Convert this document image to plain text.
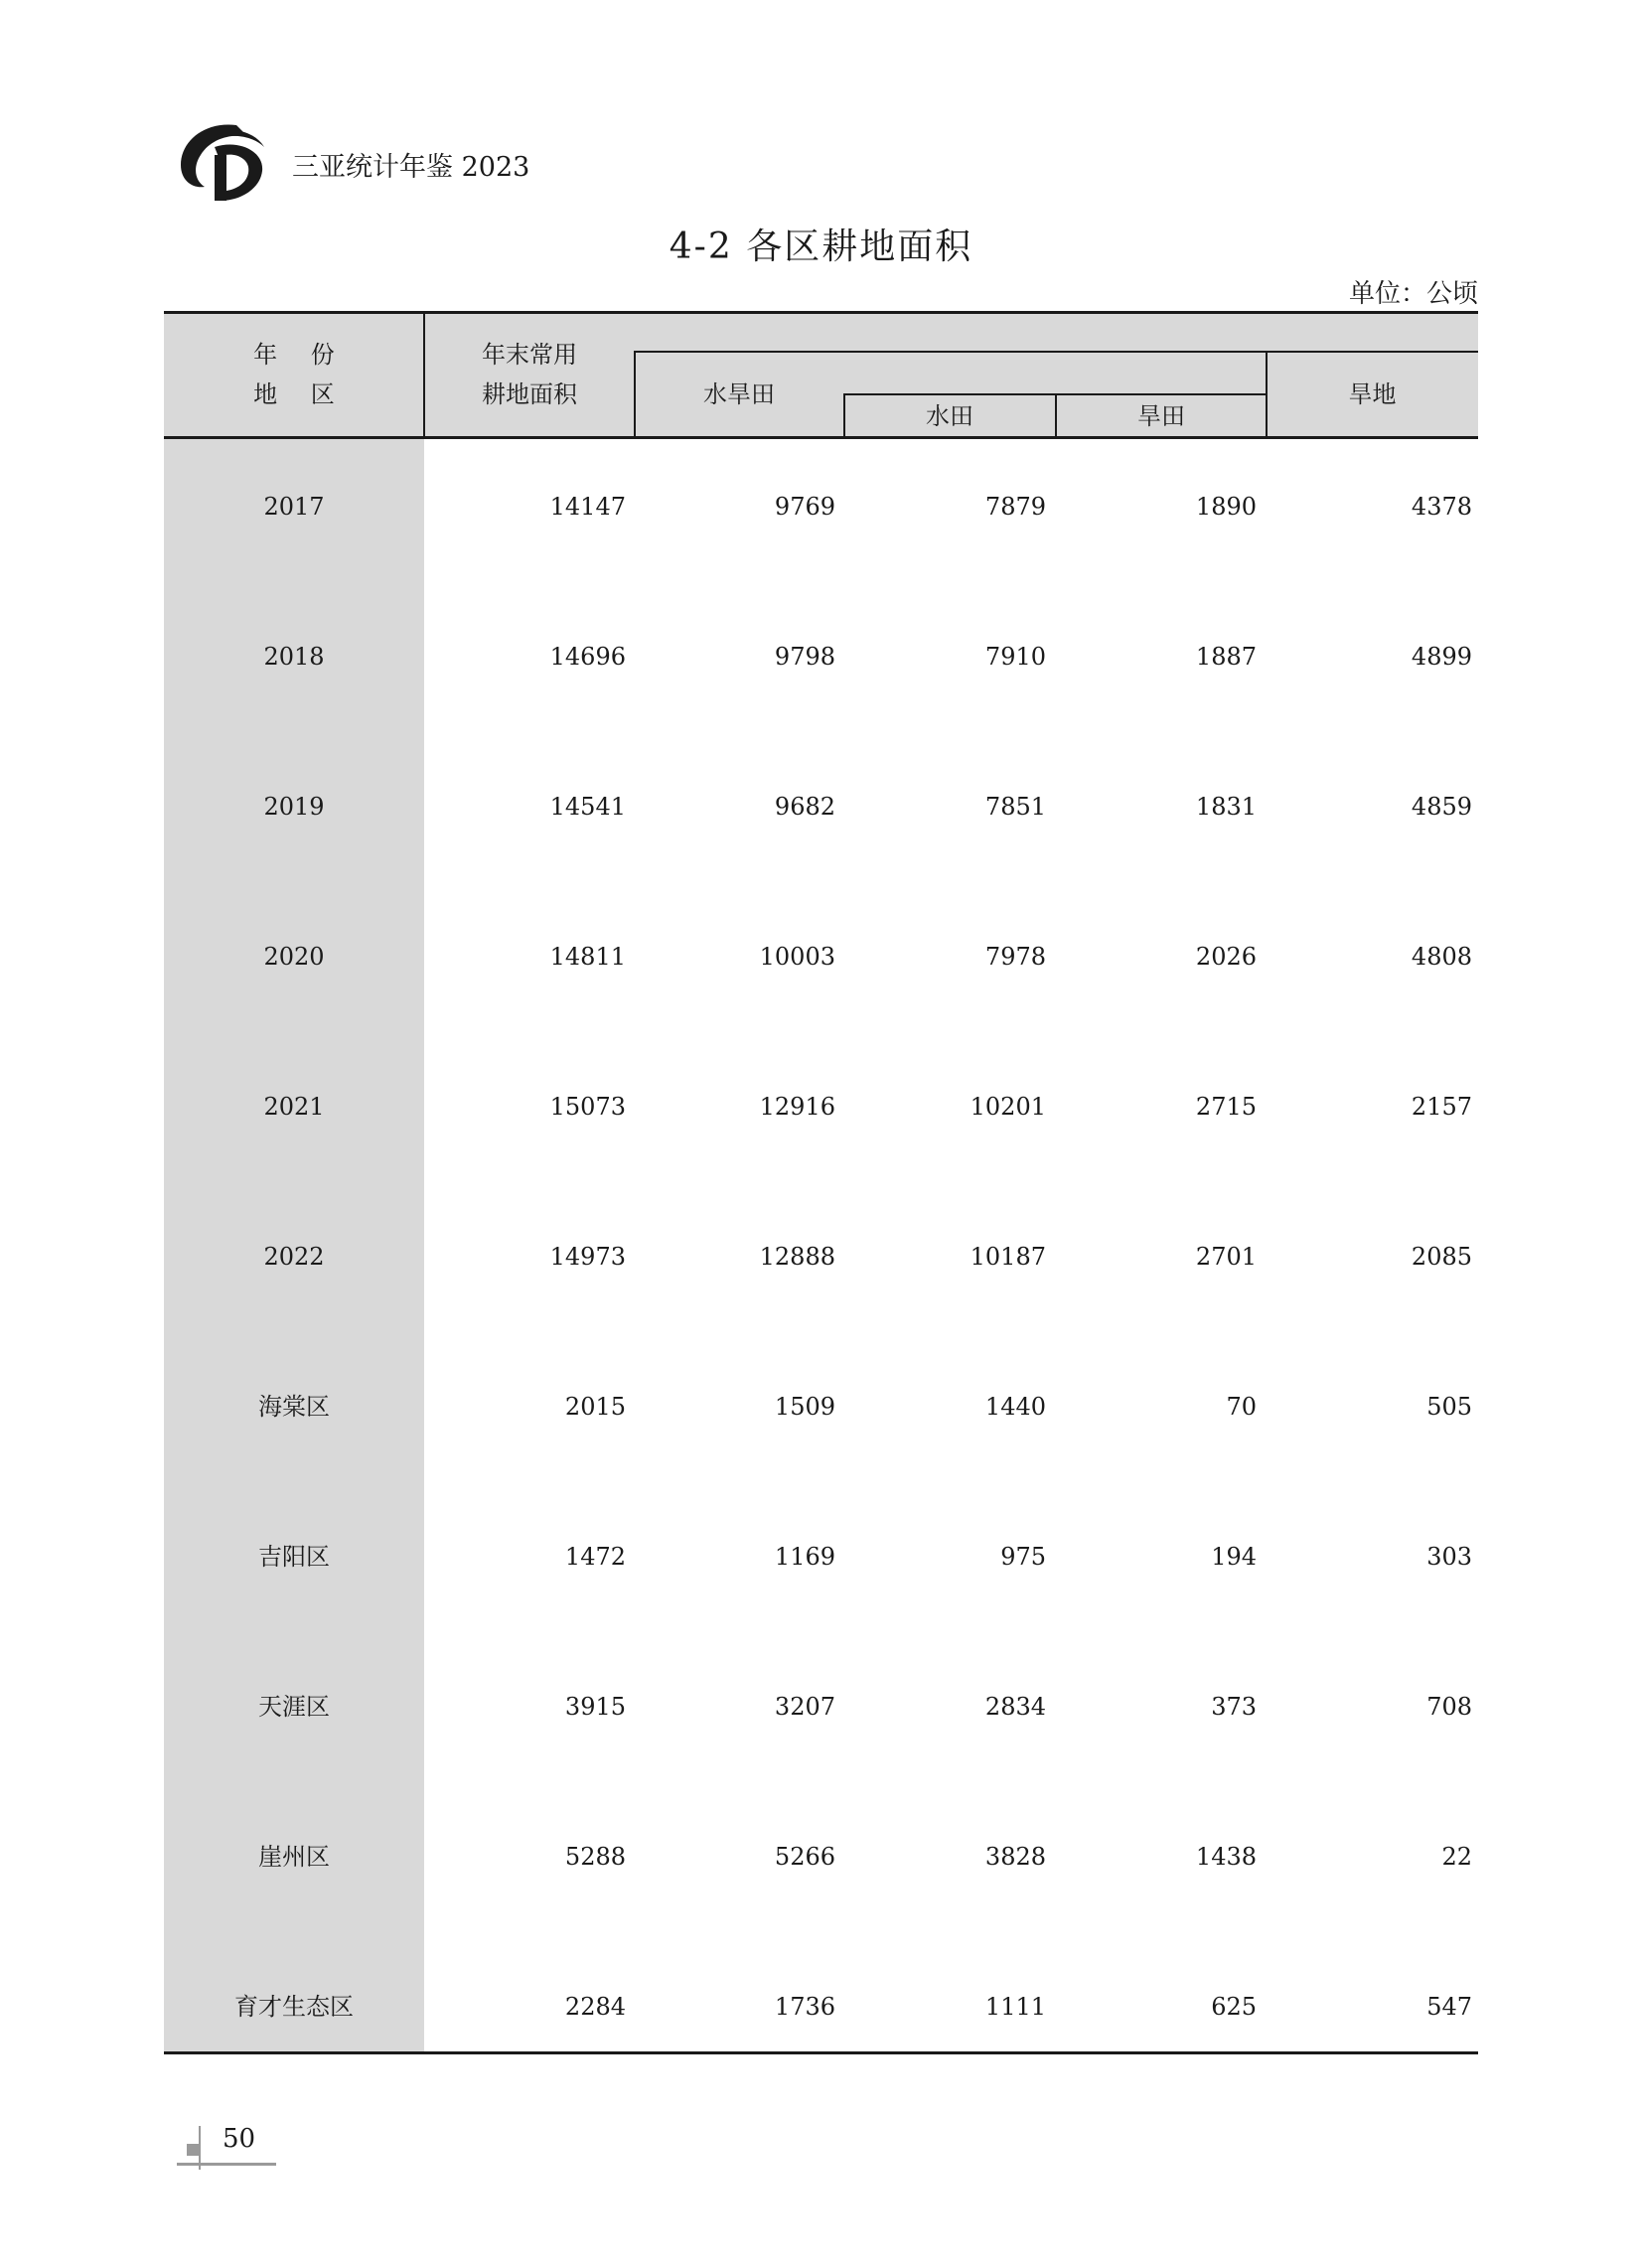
三亚统计年鉴 2023
4-2 各区耕地面积
单位：公顷
年 份
地 区
年末常用
耕地面积	水旱田
水田	旱田
旱地
2017	14147	9769	7879	1890	4378
2018	14696	9798	7910	1887	4899
2019	14541	9682	7851	1831	4859
2020	14811	10003	7978	2026	4808
2021	15073	12916	10201	2715	2157
2022	14973	12888	10187	2701	2085
海棠区	2015	1509	1440	70	505
吉阳区	1472	1169	975	194	303
天涯区	3915	3207	2834	373	708
崖州区	5288	5266	3828	1438	22
育才生态区	2284	1736	1111	625	547
50
